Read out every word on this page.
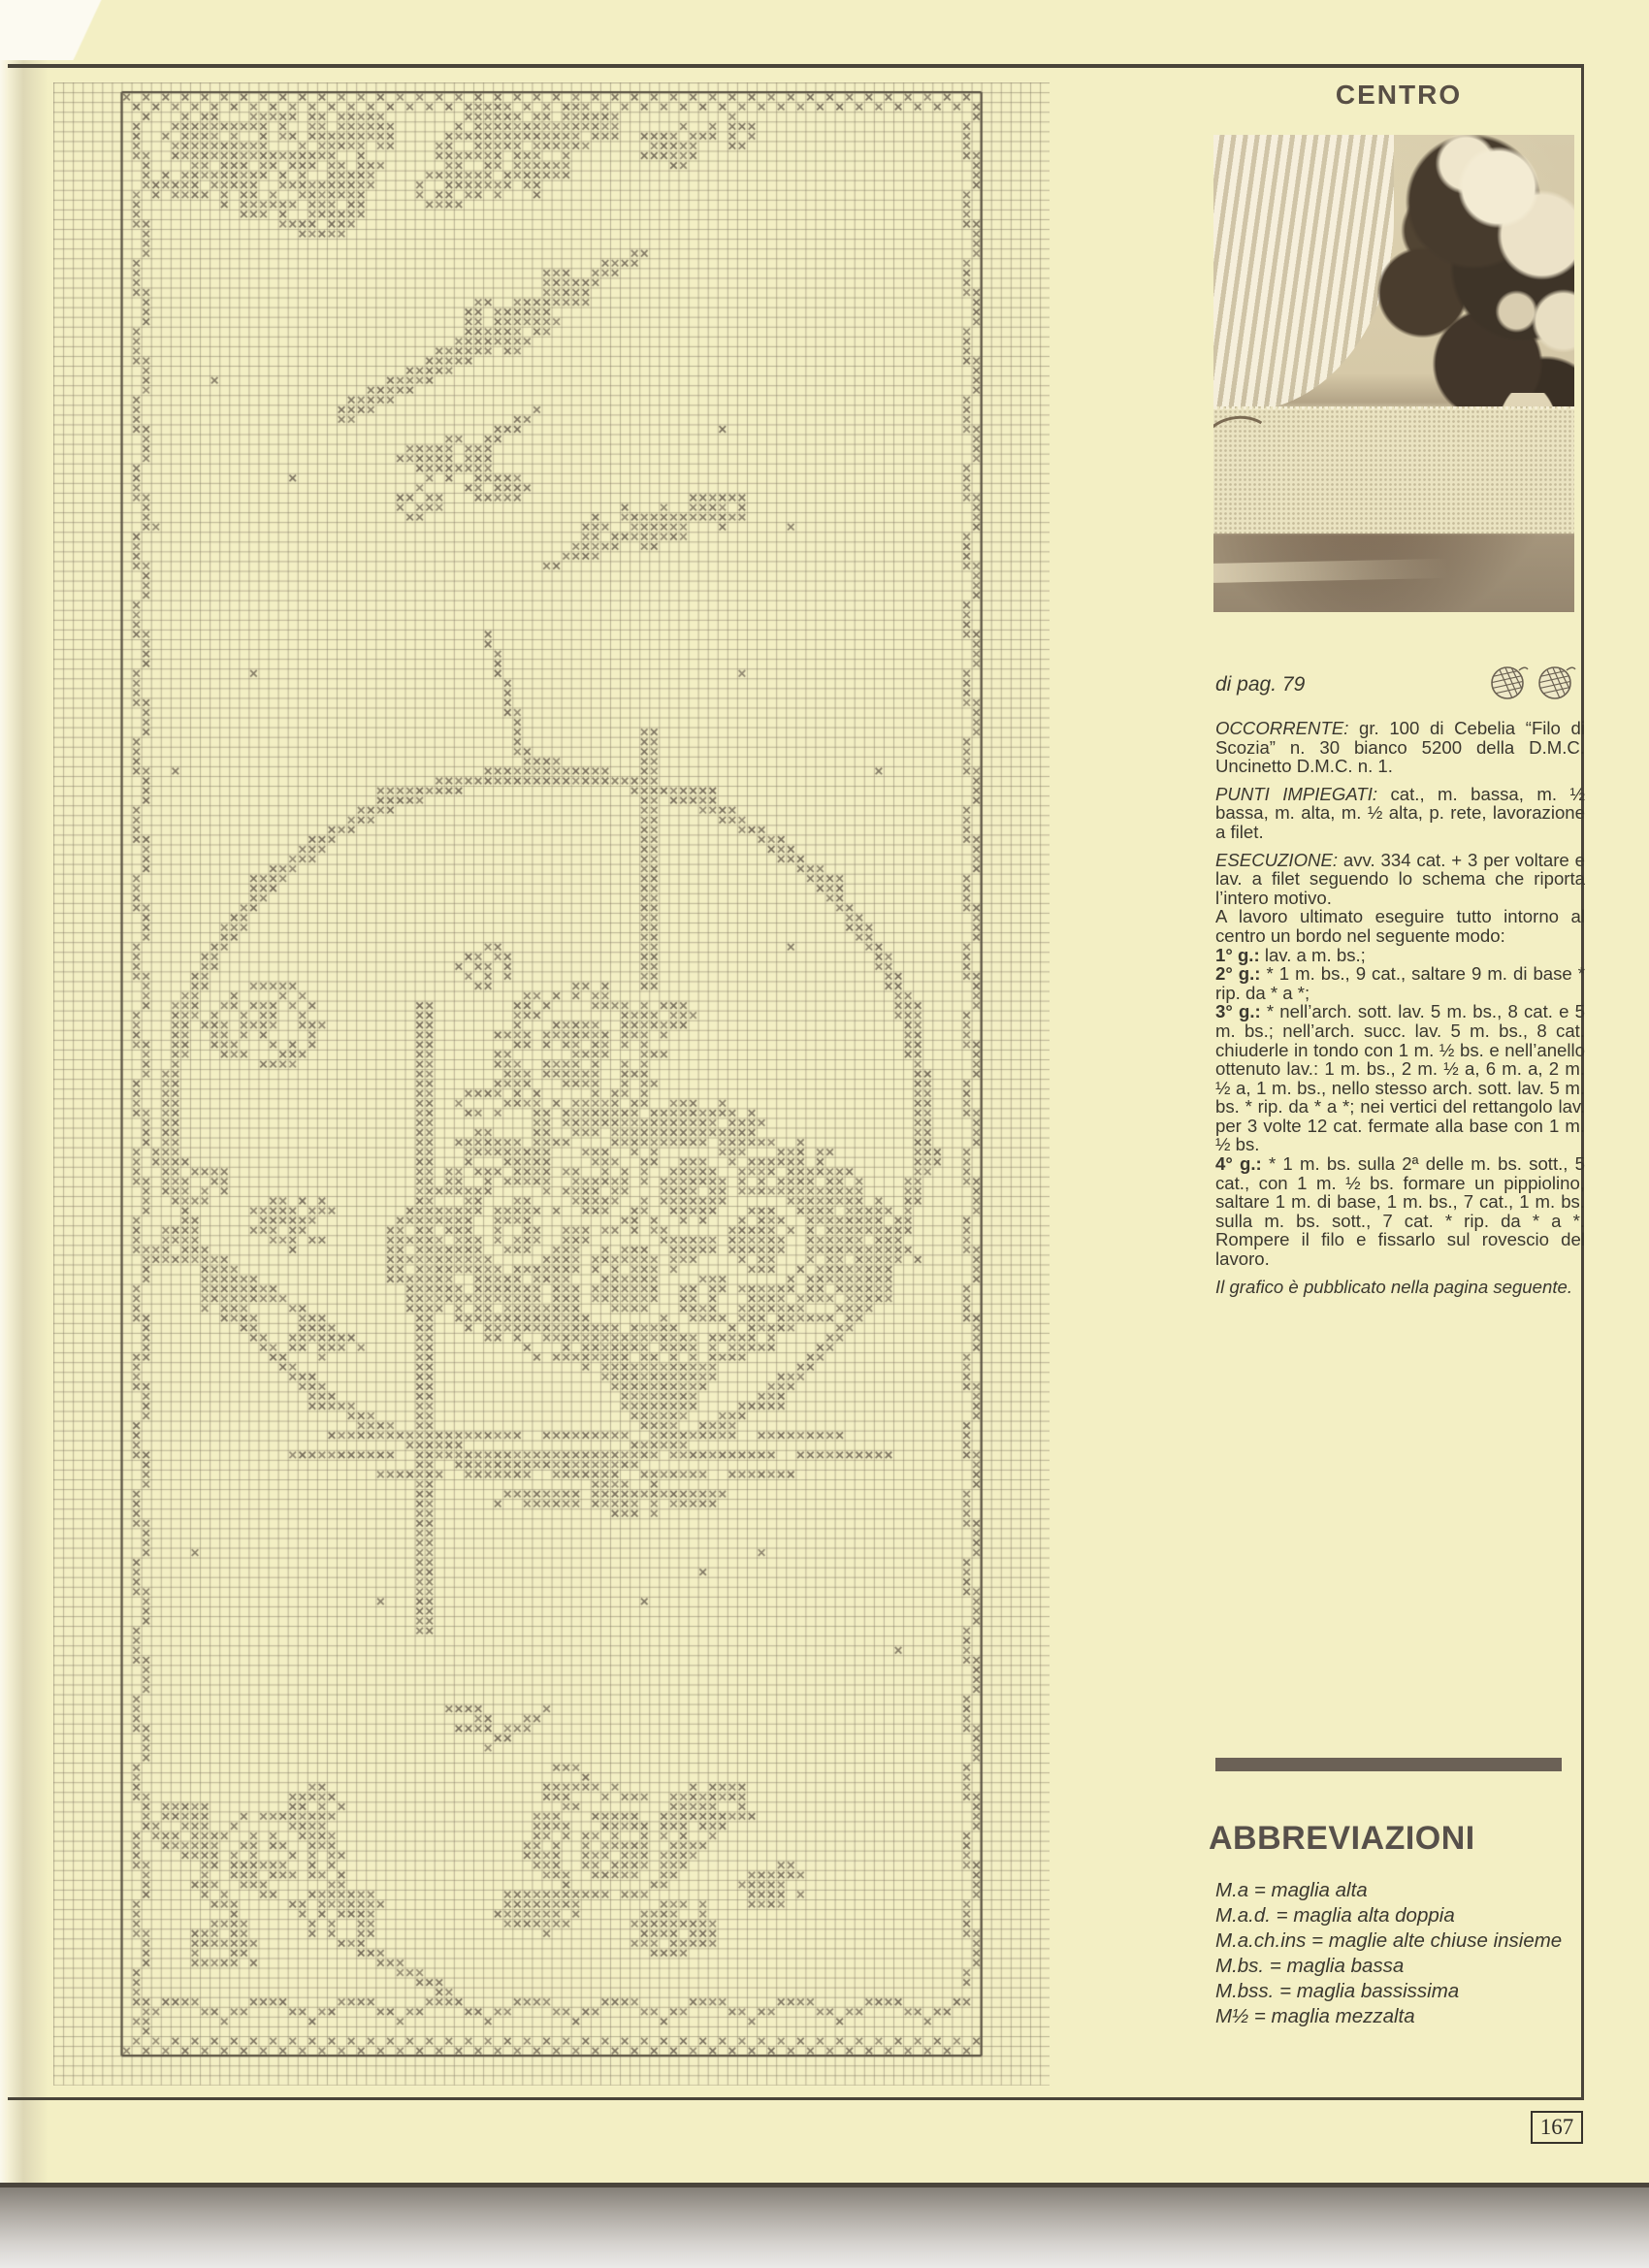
CENTRO
di pag. 79

OCCORRENTE: gr. 100 di Cebelia “Filo di Scozia” n. 30 bianco 5200 della D.M.C. Uncinetto D.M.C. n. 1.

PUNTI IMPIEGATI: cat., m. bassa, m. ½ bassa, m. alta, m. ½ alta, p. rete, lavorazione a filet.

ESECUZIONE: avv. 334 cat. + 3 per voltare e lav. a filet seguendo lo schema che riporta l’intero motivo.

A lavoro ultimato eseguire tutto intorno al centro un bordo nel seguente modo:

1° g.: lav. a m. bs.;

2° g.: * 1 m. bs., 9 cat., saltare 9 m. di base * rip. da * a *;

3° g.: * nell’arch. sott. lav. 5 m. bs., 8 cat. e 5 m. bs.; nell’arch. succ. lav. 5 m. bs., 8 cat. chiuderle in tondo con 1 m. ½ bs. e nell’anello ottenuto lav.: 1 m. bs., 2 m. ½ a, 6 m. a, 2 m. ½ a, 1 m. bs., nello stesso arch. sott. lav. 5 m. bs. * rip. da * a *; nei vertici del rettangolo lav. per 3 volte 12 cat. fermate alla base con 1 m. ½ bs.

4° g.: * 1 m. bs. sulla 2ª delle m. bs. sott., 5 cat., con 1 m. ½ bs. formare un pippiolino, saltare 1 m. di base, 1 m. bs., 7 cat., 1 m. bs. sulla m. bs. sott., 7 cat. * rip. da * a *. Rompere il filo e fissarlo sul rovescio del lavoro.

Il grafico è pubblicato nella pagina seguente.

ABBREVIAZIONI
M.a = maglia alta
M.a.d. = maglia alta doppia
M.a.ch.ins = maglie alte chiuse insieme
M.bs. = maglia bassa
M.bss. = maglia bassissima
M½ = maglia mezzalta
167
